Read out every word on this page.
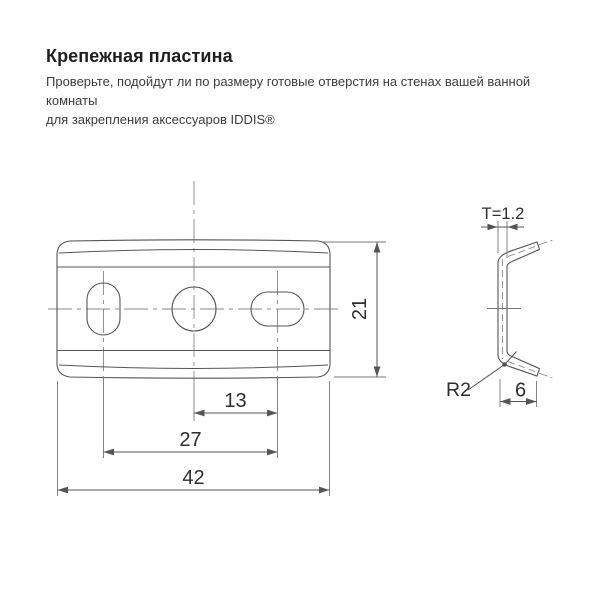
Крепежная пластина

Проверьте, подойдут ли по размеру готовые отверстия на стенах вашей ванной комнаты
для закрепления аксессуаров IDDIS®

21
13
27
42
T=1.2
R2 6
